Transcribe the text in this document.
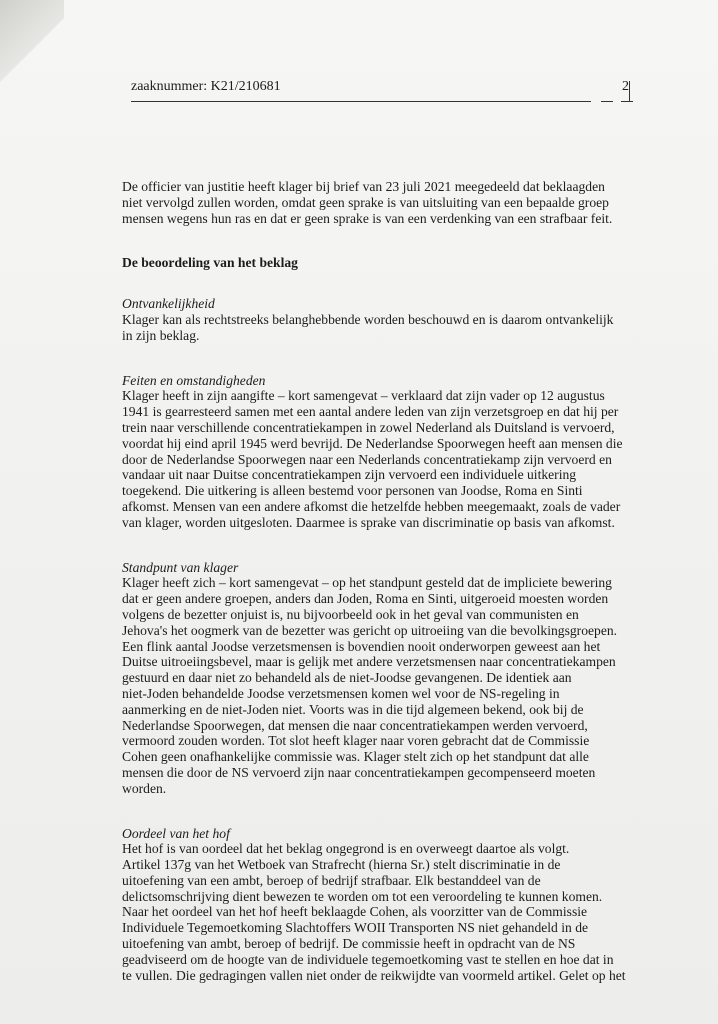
zaaknummer: K21/210681	2

De officier van justitie heeft klager bij brief van 23 juli 2021 meegedeeld dat beklaagden
niet vervolgd zullen worden, omdat geen sprake is van uitsluiting van een bepaalde groep
mensen wegens hun ras en dat er geen sprake is van een verdenking van een strafbaar feit.

De beoordeling van het beklag

Ontvankelijkheid
Klager kan als rechtstreeks belanghebbende worden beschouwd en is daarom ontvankelijk
in zijn beklag.
Feiten en omstandigheden
Klager heeft in zijn aangifte – kort samengevat – verklaard dat zijn vader op 12 augustus
1941 is gearresteerd samen met een aantal andere leden van zijn verzetsgroep en dat hij per
trein naar verschillende concentratiekampen in zowel Nederland als Duitsland is vervoerd,
voordat hij eind april 1945 werd bevrijd. De Nederlandse Spoorwegen heeft aan mensen die
door de Nederlandse Spoorwegen naar een Nederlands concentratiekamp zijn vervoerd en
vandaar uit naar Duitse concentratiekampen zijn vervoerd een individuele uitkering
toegekend. Die uitkering is alleen bestemd voor personen van Joodse, Roma en Sinti
afkomst. Mensen van een andere afkomst die hetzelfde hebben meegemaakt, zoals de vader
van klager, worden uitgesloten. Daarmee is sprake van discriminatie op basis van afkomst.
Standpunt van klager
Klager heeft zich – kort samengevat – op het standpunt gesteld dat de impliciete bewering
dat er geen andere groepen, anders dan Joden, Roma en Sinti, uitgeroeid moesten worden
volgens de bezetter onjuist is, nu bijvoorbeeld ook in het geval van communisten en
Jehova's het oogmerk van de bezetter was gericht op uitroeiing van die bevolkingsgroepen.
Een flink aantal Joodse verzetsmensen is bovendien nooit onderworpen geweest aan het
Duitse uitroeiingsbevel, maar is gelijk met andere verzetsmensen naar concentratiekampen
gestuurd en daar niet zo behandeld als de niet-Joodse gevangenen. De identiek aan
niet-Joden behandelde Joodse verzetsmensen komen wel voor de NS-regeling in
aanmerking en de niet-Joden niet. Voorts was in die tijd algemeen bekend, ook bij de
Nederlandse Spoorwegen, dat mensen die naar concentratiekampen werden vervoerd,
vermoord zouden worden. Tot slot heeft klager naar voren gebracht dat de Commissie
Cohen geen onafhankelijke commissie was. Klager stelt zich op het standpunt dat alle
mensen die door de NS vervoerd zijn naar concentratiekampen gecompenseerd moeten
worden.
Oordeel van het hof
Het hof is van oordeel dat het beklag ongegrond is en overweegt daartoe als volgt.
Artikel 137g van het Wetboek van Strafrecht (hierna Sr.) stelt discriminatie in de
uitoefening van een ambt, beroep of bedrijf strafbaar. Elk bestanddeel van de
delictsomschrijving dient bewezen te worden om tot een veroordeling te kunnen komen.
Naar het oordeel van het hof heeft beklaagde Cohen, als voorzitter van de Commissie
Individuele Tegemoetkoming Slachtoffers WOII Transporten NS niet gehandeld in de
uitoefening van ambt, beroep of bedrijf. De commissie heeft in opdracht van de NS
geadviseerd om de hoogte van de individuele tegemoetkoming vast te stellen en hoe dat in
te vullen. Die gedragingen vallen niet onder de reikwijdte van voormeld artikel. Gelet op het
